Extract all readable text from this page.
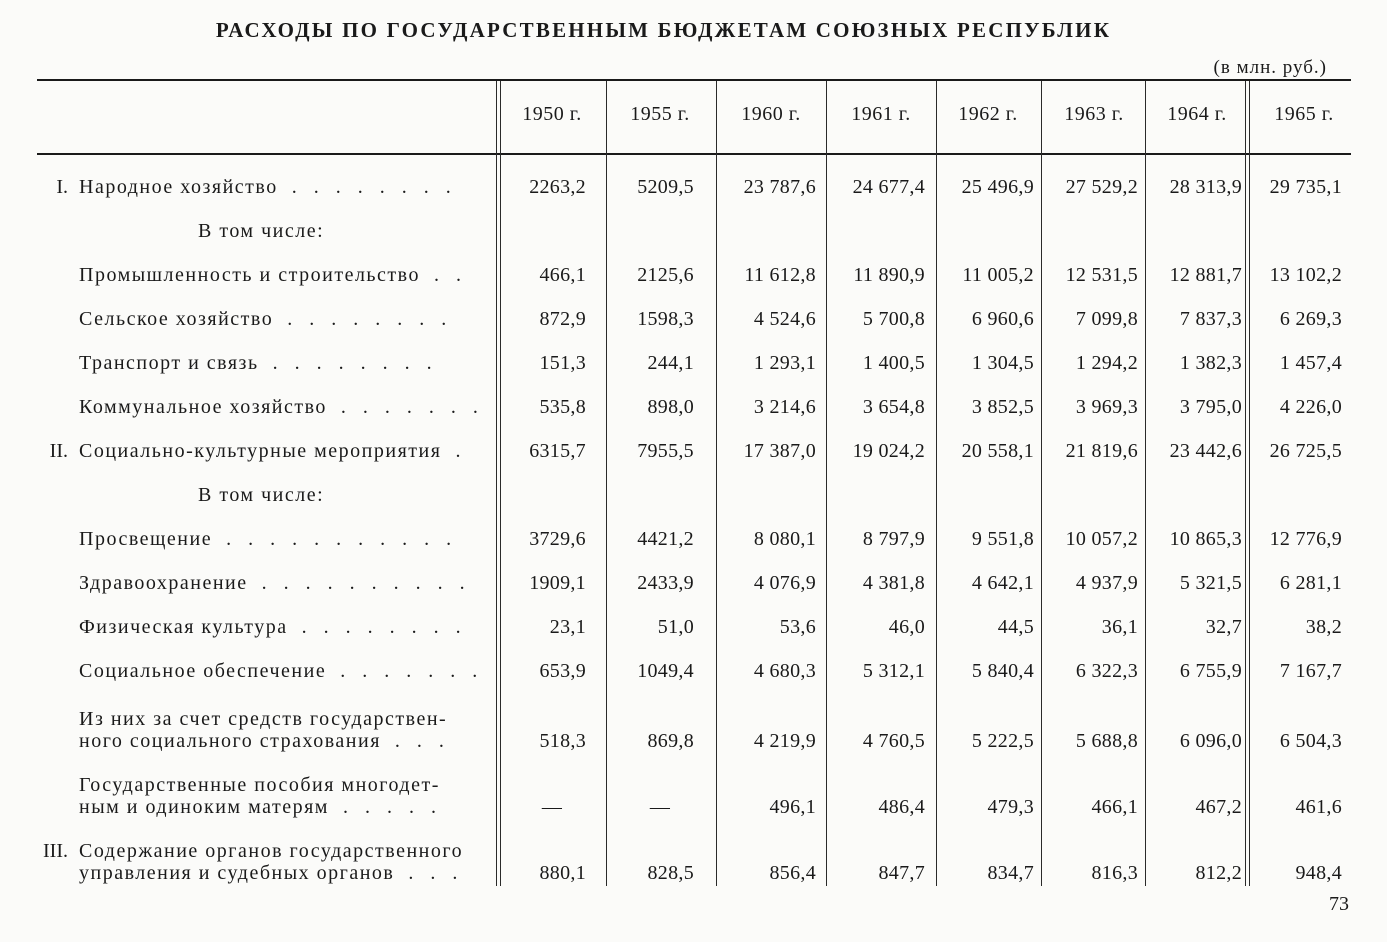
РАСХОДЫ ПО ГОСУДАРСТВЕННЫМ БЮДЖЕТАМ СОЮЗНЫХ РЕСПУБЛИК
(в млн. руб.)
1950 г.	1955 г.	1960 г.	1961 г.	1962 г.	1963 г.	1964 г.	1965 г.
I. Народное хозяйство . . . . . . . .	2263,2	5209,5	23 787,6	24 677,4	25 496,9	27 529,2	28 313,9	29 735,1
В том числе:
Промышленность и строительство . .	466,1	2125,6	11 612,8	11 890,9	11 005,2	12 531,5	12 881,7	13 102,2
Сельское хозяйство . . . . . . . .	872,9	1598,3	4 524,6	5 700,8	6 960,6	7 099,8	7 837,3	6 269,3
Транспорт и связь . . . . . . . .	151,3	244,1	1 293,1	1 400,5	1 304,5	1 294,2	1 382,3	1 457,4
Коммунальное хозяйство . . . . . . .	535,8	898,0	3 214,6	3 654,8	3 852,5	3 969,3	3 795,0	4 226,0
II. Социально-культурные мероприятия .	6315,7	7955,5	17 387,0	19 024,2	20 558,1	21 819,6	23 442,6	26 725,5
В том числе:
Просвещение . . . . . . . . . . .	3729,6	4421,2	8 080,1	8 797,9	9 551,8	10 057,2	10 865,3	12 776,9
Здравоохранение . . . . . . . . . .	1909,1	2433,9	4 076,9	4 381,8	4 642,1	4 937,9	5 321,5	6 281,1
Физическая культура . . . . . . . .	23,1	51,0	53,6	46,0	44,5	36,1	32,7	38,2
Социальное обеспечение . . . . . . .	653,9	1049,4	4 680,3	5 312,1	5 840,4	6 322,3	6 755,9	7 167,7
Из них за счет средств государствен-
ного социального страхования . . .	518,3	869,8	4 219,9	4 760,5	5 222,5	5 688,8	6 096,0	6 504,3
Государственные пособия многодет-
ным и одиноким матерям . . . . .	—	—	496,1	486,4	479,3	466,1	467,2	461,6
III. Содержание органов государственного
управления и судебных органов . . .	880,1	828,5	856,4	847,7	834,7	816,3	812,2	948,4
73
